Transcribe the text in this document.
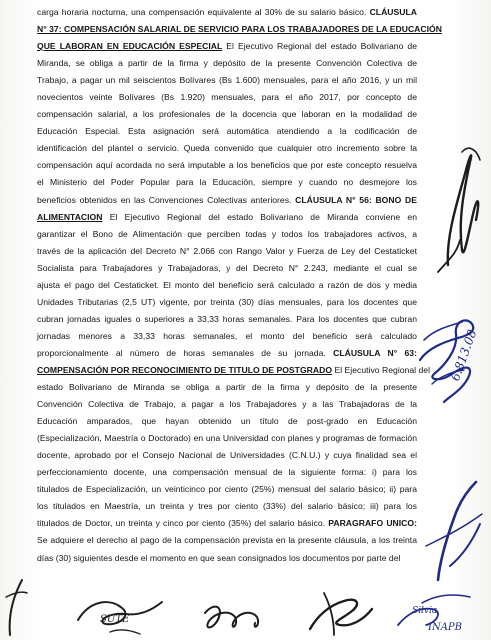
carga horaria nocturna, una compensación equivalente al 30% de su salario básico. CLÁUSULA
N° 37: COMPENSACIÓN SALARIAL DE SERVICIO PARA LOS TRABAJADORES DE LA EDUCACIÓN
QUE LABORAN EN EDUCACIÓN ESPECIAL El Ejecutivo Regional del estado Bolivariano de
Miranda, se obliga a partir de la firma y depósito de la presente Convención Colectiva de
Trabajo, a pagar un mil seiscientos Bolívares (Bs 1.600) mensuales, para el año 2016, y un mil
novecientos veinte Bolívares (Bs 1.920) mensuales, para el año 2017, por concepto de
compensación salarial, a los profesionales de la docencia que laboran en la modalidad de
Educación Especial. Esta asignación será automática atendiendo a la codificación de
identificación del plantel o servicio. Queda convenido que cualquier otro incremento sobre la
compensación aquí acordada no será imputable a los beneficios que por este concepto resuelva
el Ministerio del Poder Popular para la Educación, siempre y cuando no desmejore los
beneficios obtenidos en las Convenciones Colectivas anteriores. CLÁUSULA N° 56: BONO DE
ALIMENTACION El Ejecutivo Regional del estado Bolivariano de Miranda conviene en
garantizar el Bono de Alimentación que perciben todas y todos los trabajadores activos, a
través de la aplicación del Decreto N° 2.066 con Rango Valor y Fuerza de Ley del Cestaticket
Socialista para Trabajadores y Trabajadoras, y del Decreto N° 2.243, mediante el cual se
ajusta el pago del Cestaticket. El monto del beneficio será calculado a razón de dos y media
Unidades Tributarias (2,5 UT) vigente, por treinta (30) días mensuales, para los docentes que
cubran jornadas iguales o superiores a 33,33 horas semanales. Para los docentes que cubran
jornadas menores a 33,33 horas semanales, el monto del beneficio será calculado
proporcionalmente al número de horas semanales de su jornada. CLÁUSULA N° 63:
COMPENSACIÓN POR RECONOCIMIENTO DE TITULO DE POSTGRADO El Ejecutivo Regional del
estado Bolivariano de Miranda se obliga a partir de la firma y depósito de la presente
Convención Colectiva de Trabajo, a pagar a los Trabajadores y a las Trabajadoras de la
Educación amparados, que hayan obtenido un título de post-grado en Educación
(Especialización, Maestría o Doctorado) en una Universidad con planes y programas de formación
docente, aprobado por el Consejo Nacional de Universidades (C.N.U.) y cuya finalidad sea el
perfeccionamiento docente, una compensación mensual de la siguiente forma: i) para los
titulados de Especialización, un veinticinco por ciento (25%) mensual del salario básico; ii) para
los titulados en Maestría, un treinta y tres por ciento (33%) del salario básico; iii) para los
titulados de Doctor, un treinta y cinco por ciento (35%) del salario básico. PARAGRAFO UNICO:
Se adquiere el derecho al pago de la compensación prevista en la presente cláusula, a los treinta
días (30) siguientes desde el momento en que sean consignados los documentos por parte del
6.813.08
SUTE
Silvia
INAPB
